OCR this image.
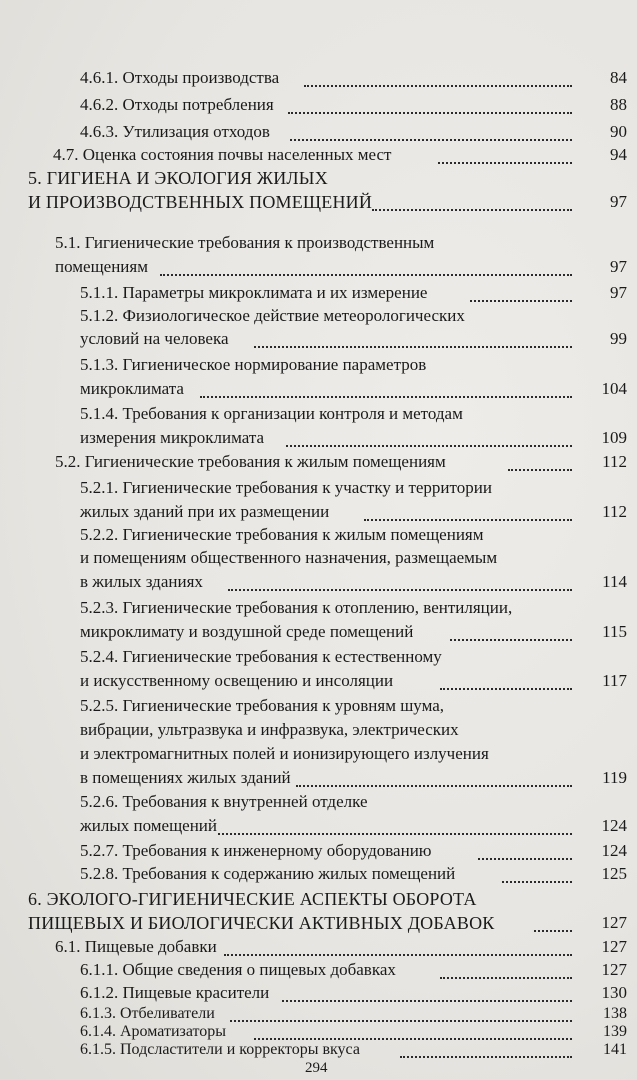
4.6.1. Отходы производства	84
4.6.2. Отходы потребления	88
4.6.3. Утилизация отходов	90
4.7. Оценка состояния почвы населенных мест	94
5. ГИГИЕНА И ЭКОЛОГИЯ ЖИЛЫХ
И ПРОИЗВОДСТВЕННЫХ ПОМЕЩЕНИЙ	97
5.1. Гигиенические требования к производственным
помещениям	97
5.1.1. Параметры микроклимата и их измерение	97
5.1.2. Физиологическое действие метеорологических
условий на человека	99
5.1.3. Гигиеническое нормирование параметров
микроклимата	104
5.1.4. Требования к организации контроля и методам
измерения микроклимата	109
5.2. Гигиенические требования к жилым помещениям	112
5.2.1. Гигиенические требования к участку и территории
жилых зданий при их размещении	112
5.2.2. Гигиенические требования к жилым помещениям
и помещениям общественного назначения, размещаемым
в жилых зданиях	114
5.2.3. Гигиенические требования к отоплению, вентиляции,
микроклимату и воздушной среде помещений	115
5.2.4. Гигиенические требования к естественному
и искусственному освещению и инсоляции	117
5.2.5. Гигиенические требования к уровням шума,
вибрации, ультразвука и инфразвука, электрических
и электромагнитных полей и ионизирующего излучения
в помещениях жилых зданий	119
5.2.6. Требования к внутренней отделке
жилых помещений	124
5.2.7. Требования к инженерному оборудованию	124
5.2.8. Требования к содержанию жилых помещений	125
6. ЭКОЛОГО-ГИГИЕНИЧЕСКИЕ АСПЕКТЫ ОБОРОТА
ПИЩЕВЫХ И БИОЛОГИЧЕСКИ АКТИВНЫХ ДОБАВОК	127
6.1. Пищевые добавки	127
6.1.1. Общие сведения о пищевых добавках	127
6.1.2. Пищевые красители	130
6.1.3. Отбеливатели	138
6.1.4. Ароматизаторы	139
6.1.5. Подсластители и корректоры вкуса	141
294
